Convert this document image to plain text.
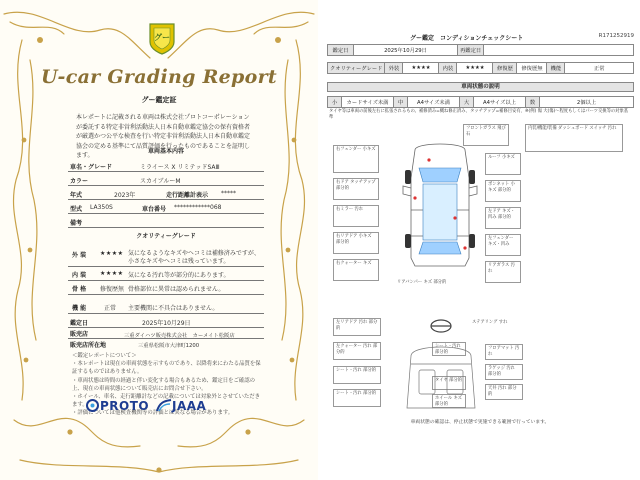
グー
U-car Grading Report
グー鑑定証
本レポートに記載される車両は株式会社プロトコーポレーションが委託する特定非営利活動法人日本自動車鑑定協会の保有資格者が厳選かつ公平な検査を行い特定非営利活動法人日本自動車鑑定協会の定める基準にて品質評価を行ったものであることを証明します。
車両基本内容
車名・グレード	ミライース X リミテッドSAⅢ
カラー	スカイブルーM
年式	2023年	走行距離計表示 *****
型式 LA350S	車台番号 ************068
備考
クオリティーグレード
外 装 ★★★★ 気になるようなキズやヘコミは補修済みですが、小さなキズやヘコミは残っています。
内 装 ★★★★ 気になる汚れ等が部分的にあります。
骨 格 修復歴無 骨格部位に異常は認められません。
機 能	正常 主要機関に不具合はありません。
鑑定日	2025年10月29日
販売店	三重ダイハツ販売株式会社　カーメイト松阪店
販売店所在地	三重県松阪市大津町1200
＜鑑定レポートについて＞
・本レポートは現在の車両状態を示すものであり、以降将来にわたる品質を保証するものではありません。
・車両状態は時間の経過と伴い変化する場合もあるため、鑑定日をご確認の上、現在の車両状態について販売店にお問合せ下さい。
・ホイール、車名、走行距離計などの記載については対象外とさせていただきます。
・評価については他検査機関等の評価とは異なる場合があります。
PROTO JAAA
グー鑑定　コンディションチェックシート	R171252919
鑑定日	2025年10月29日	再鑑定日	
クオリティーグレード	外装	★★★★	内装	★★★★	修復歴	修復歴無	機能	正常
車両状態の説明
小	カードサイズ未満	中	A4サイズ未満	大	A4サイズ以上	数	2個以上
タイヤ等は車両の前後左右に拡張されるもの。補修済み=概ね修正済み、タッチアップ=補修目安有、※(例) 傷 大(傷)～程度もしくはパーツ交換等の対象基準　
内装/機能/装備 ダッシュボード スイッチ 汚れ
フロントガラス 飛び石
ルーフ 小キズ
右フェンダー 小キズ
右ドア タッチアップ 部分的
右ミラー 汚れ
右リアドア 小キズ 部分的
右クォーター キズ
ボンネット 小キズ 部分的
左ドア キズ・凹み 部分的
左フェンダー キズ・凹み
リアガラス 汚れ
リアバンパー キズ 部分的
ステアリング すれ
左リアドア 汚れ 部分的
左クォーター 汚れ 部分的
シート・汚れ 部分的
シート・汚れ 部分的
フロアマット 汚れ
ラゲッジ 汚れ 部分的
天井 汚れ 部分的
タイヤ 部分的
ホイール キズ 部分的
シート・汚れ 部分的
車両状態の確認は、停止状態で実施できる範囲で行っています。
